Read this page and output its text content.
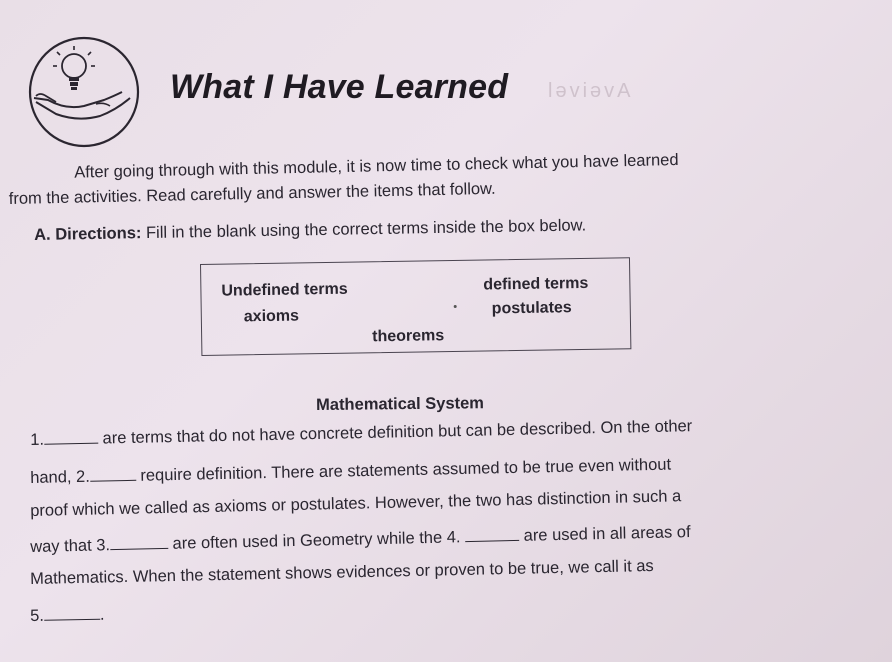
What I Have Learned ləviəvA
After going through with this module, it is now time to check what you have learned
from the activities. Read carefully and answer the items that follow.
A. Directions: Fill in the blank using the correct terms inside the box below.
Undefined terms	defined terms
axioms	postulates
theorems
Mathematical System
1.	are terms that do not have concrete definition but can be described. On the other
hand, 2.	require definition. There are statements assumed to be true even without
proof which we called as axioms or postulates. However, the two has distinction in such a
way that 3.	are often used in Geometry while the 4.	are used in all areas of
Mathematics. When the statement shows evidences or proven to be true, we call it as
5.	.
